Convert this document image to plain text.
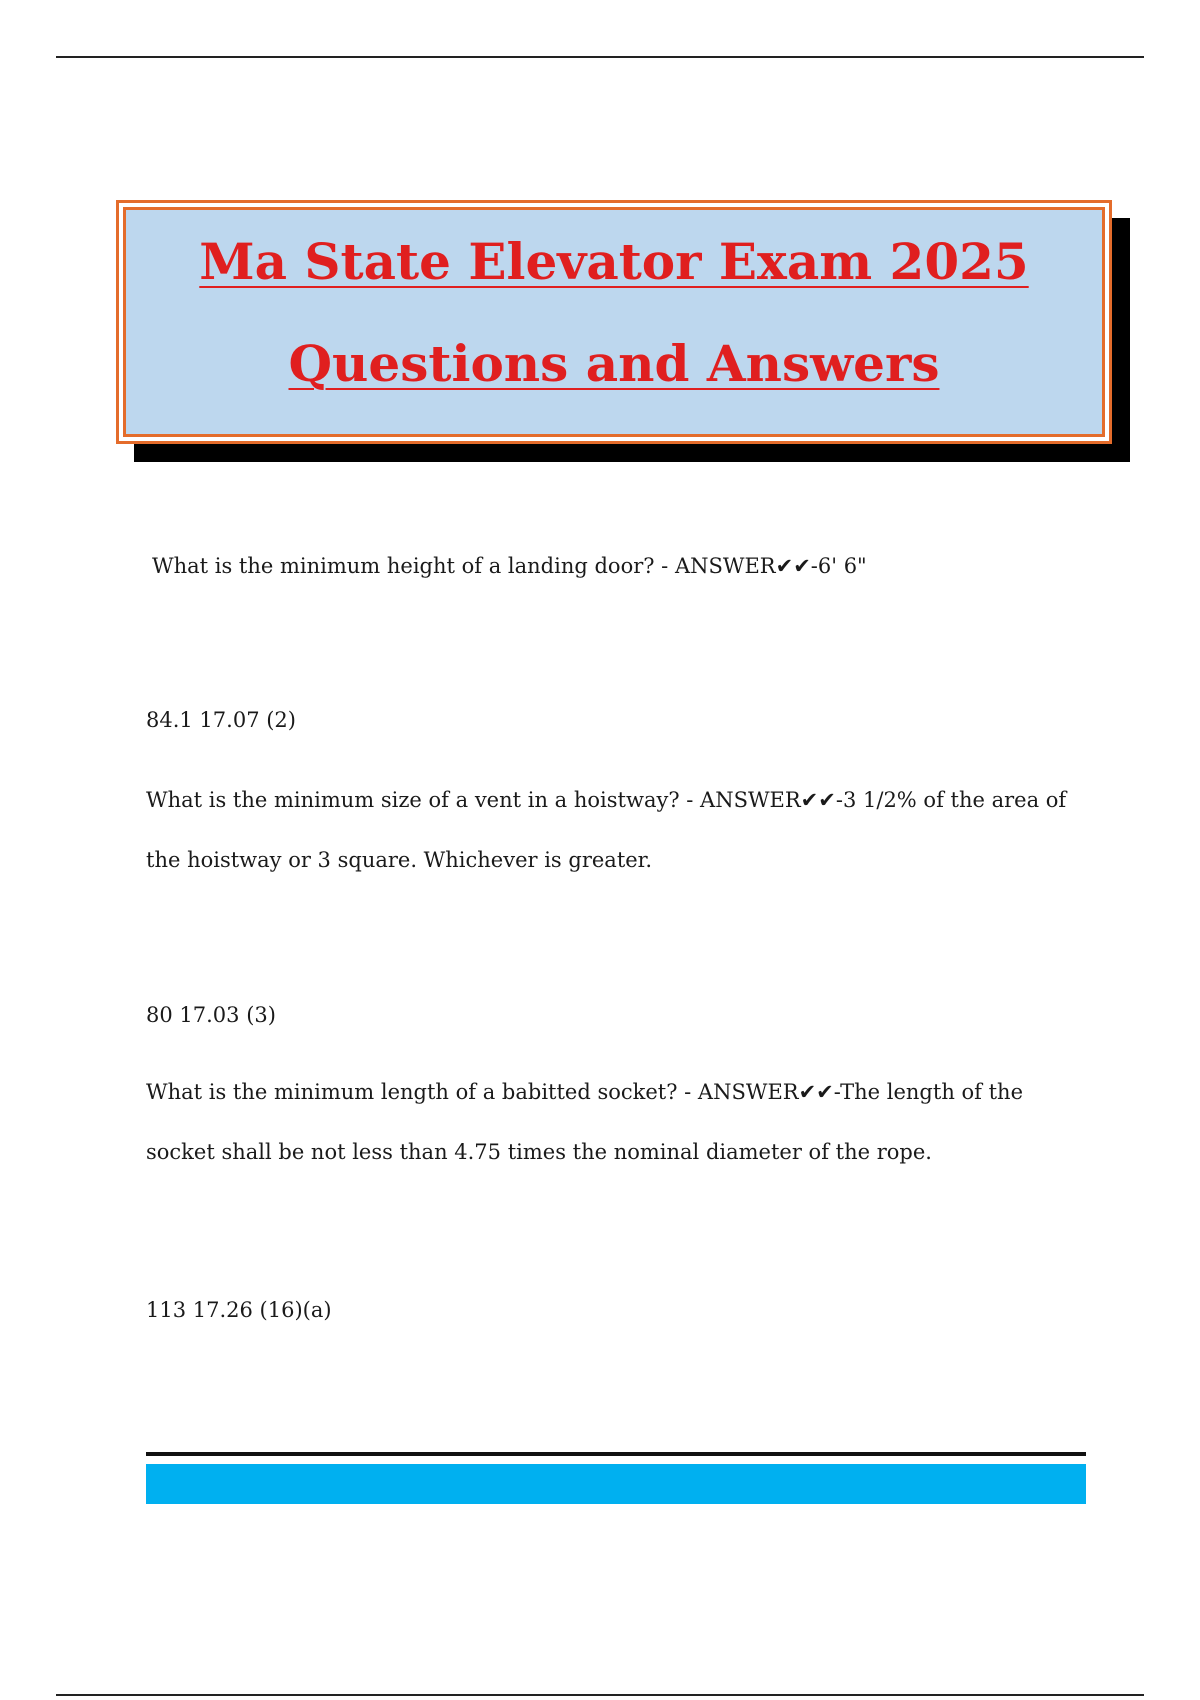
Ma State Elevator Exam 2025
Questions and Answers
What is the minimum height of a landing door? - ANSWER✔✔-6' 6"
84.1 17.07 (2)
What is the minimum size of a vent in a hoistway? - ANSWER✔✔-3 1/2% of the area of the hoistway or 3 square. Whichever is greater.
80 17.03 (3)
What is the minimum length of a babitted socket? - ANSWER✔✔-The length of the socket shall be not less than 4.75 times the nominal diameter of the rope.
113 17.26 (16)(a)
